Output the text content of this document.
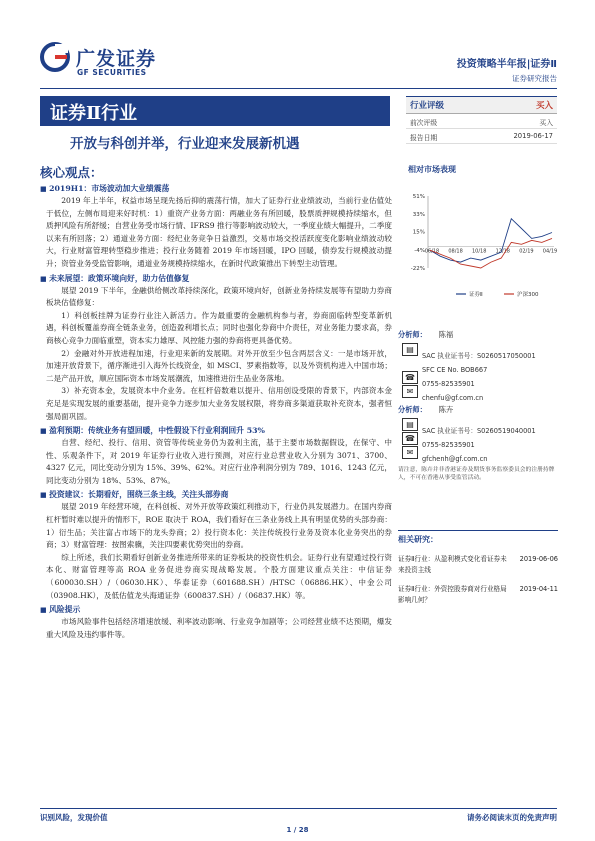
广发证券
GF SECURITIES
投资策略半年报|证券Ⅱ
证券研究报告
证券Ⅱ行业
开放与科创并举，行业迎来发展新机遇
核心观点：
■ 2019H1：市场波动加大业绩震荡
2019 年上半年，权益市场呈现先扬后抑的震荡行情，加大了证券行业业绩波动，当前行业估值处于低位，左侧布局迎来好时机：1）重资产业务方面：两融业务有所回暖，股票质押规模持续缩水，但质押风险有所舒缓；自营业务受市场行情、IFRS9 推行等影响波动较大，一季度业绩大幅提升，二季度以来有所回落；2）通道业务方面：经纪业务竞争日益激烈，交易市场交投活跃度变化影响业绩波动较大，行业财富管理转型稳步推进；投行业务随着 2019 年市场回暖，IPO 回暖，债券发行规模波动提升；资管业务受监管影响，通道业务规模持续缩水，在新时代政策推出下转型主动管理。
■ 未来展望：政策环境向好，助力估值修复
展望 2019 下半年，金融供给侧改革持续深化，政策环境向好，创新业务持续发展等有望助力券商板块估值修复：
1）科创板挂牌为证券行业注入新活力。作为最重要的金融机构参与者，券商面临转型变革新机遇，科创板覆盖券商全链条业务，创造盈利增长点；同时也强化券商中介责任，对业务能力要求高，券商核心竞争力面临重塑，资本实力雄厚、风控能力强的券商将更具备优势。
2）金融对外开放进程加速，行业迎来新的发展期。对外开放至少包含两层含义：一是市场开放，加速开放背景下，循序渐进引入海外长线资金，如 MSCI、罗素指数等，以及外资机构进入中国市场；二是产品开放，顺应国际资本市场发展潮流，加速推进衍生品业务落地。
3）补充资本金，发展资本中介业务。在杠杆倍数难以提升、信用创设受限的背景下，内部资本金充足是实现发展的重要基础，提升竞争力逐步加大业务发展权限，将券商多渠道获取补充资本，强者恒强局面巩固。
■ 盈利预期：传统业务有望回暖，中性假设下行业利润回升 53%
自营、经纪、投行、信用、资管等传统业务仍为盈利主流，基于主要市场数据假设，在保守、中性、乐观条件下，对 2019 年证券行业收入进行预测，对应行业总营业收入分别为 3071、3700、4327 亿元，同比变动分别为 15%、39%、62%。对应行业净利润分别为 789、1016、1243 亿元，同比变动分别为 18%、53%、87%。
■ 投资建议：长期看好，围绕三条主线，关注头部券商
展望 2019 年经营环境，在科创板、对外开放等政策红利推动下，行业仍具发展潜力。在国内券商杠杆暂时难以提升的情形下，ROE 取决于 ROA，我们看好在三条业务线上具有明显优势的头部券商：1）衍生品；关注富占市场下的龙头券商；2）投行资本化：关注传统投行业务及资本化业务突出的券商；3）财富管理：按图索骥，关注四要素优势突出的券商。
综上所述，我们长期看好创新业务推进所带来的证券板块的投资性机会。证券行业有望通过投行资本化、财富管理等高 ROA 业务促进券商实现战略发展。个股方面建议重点关注：中信证券（600030.SH）/（06030.HK）、华泰证券（601688.SH）/HTSC（06886.HK）、中金公司（03908.HK），及低估值龙头海通证券（600837.SH）/（06837.HK）等。
■ 风险提示
市场风险事件包括经济增速放缓、利率波动影响、行业竞争加剧等；公司经营业绩不达预期，爆发重大风险及违约事件等。
行业评级	买入
前次评级	买入
报告日期	2019-06-17
相对市场表现
51%
33%
15%
-4%
-22%
06/18 08/18 10/18 12/18 02/19 04/19
证券Ⅱ	沪深300
分析师： 陈福
▤
SAC 执业证书号：S0260517050001
SFC CE No. BOB667
☎
0755-82535901
✉
chenfu@gf.com.cn
分析师： 陈卉
▤
SAC 执业证书号：S0260519040001
☎
0755-82535901
✉
gfchenh@gf.com.cn
请注意，陈卉并非香港证券及期货事务监察委员会的注册持牌人，不可在香港从事受监管活动。
相关研究：
证券Ⅱ行业：从盈利模式变化看证券未来投资主线
2019-06-06
证券Ⅱ行业：外资控股券商对行业格局影响几何？
2019-04-11
识别风险，发现价值	请务必阅读末页的免责声明
1 / 28
